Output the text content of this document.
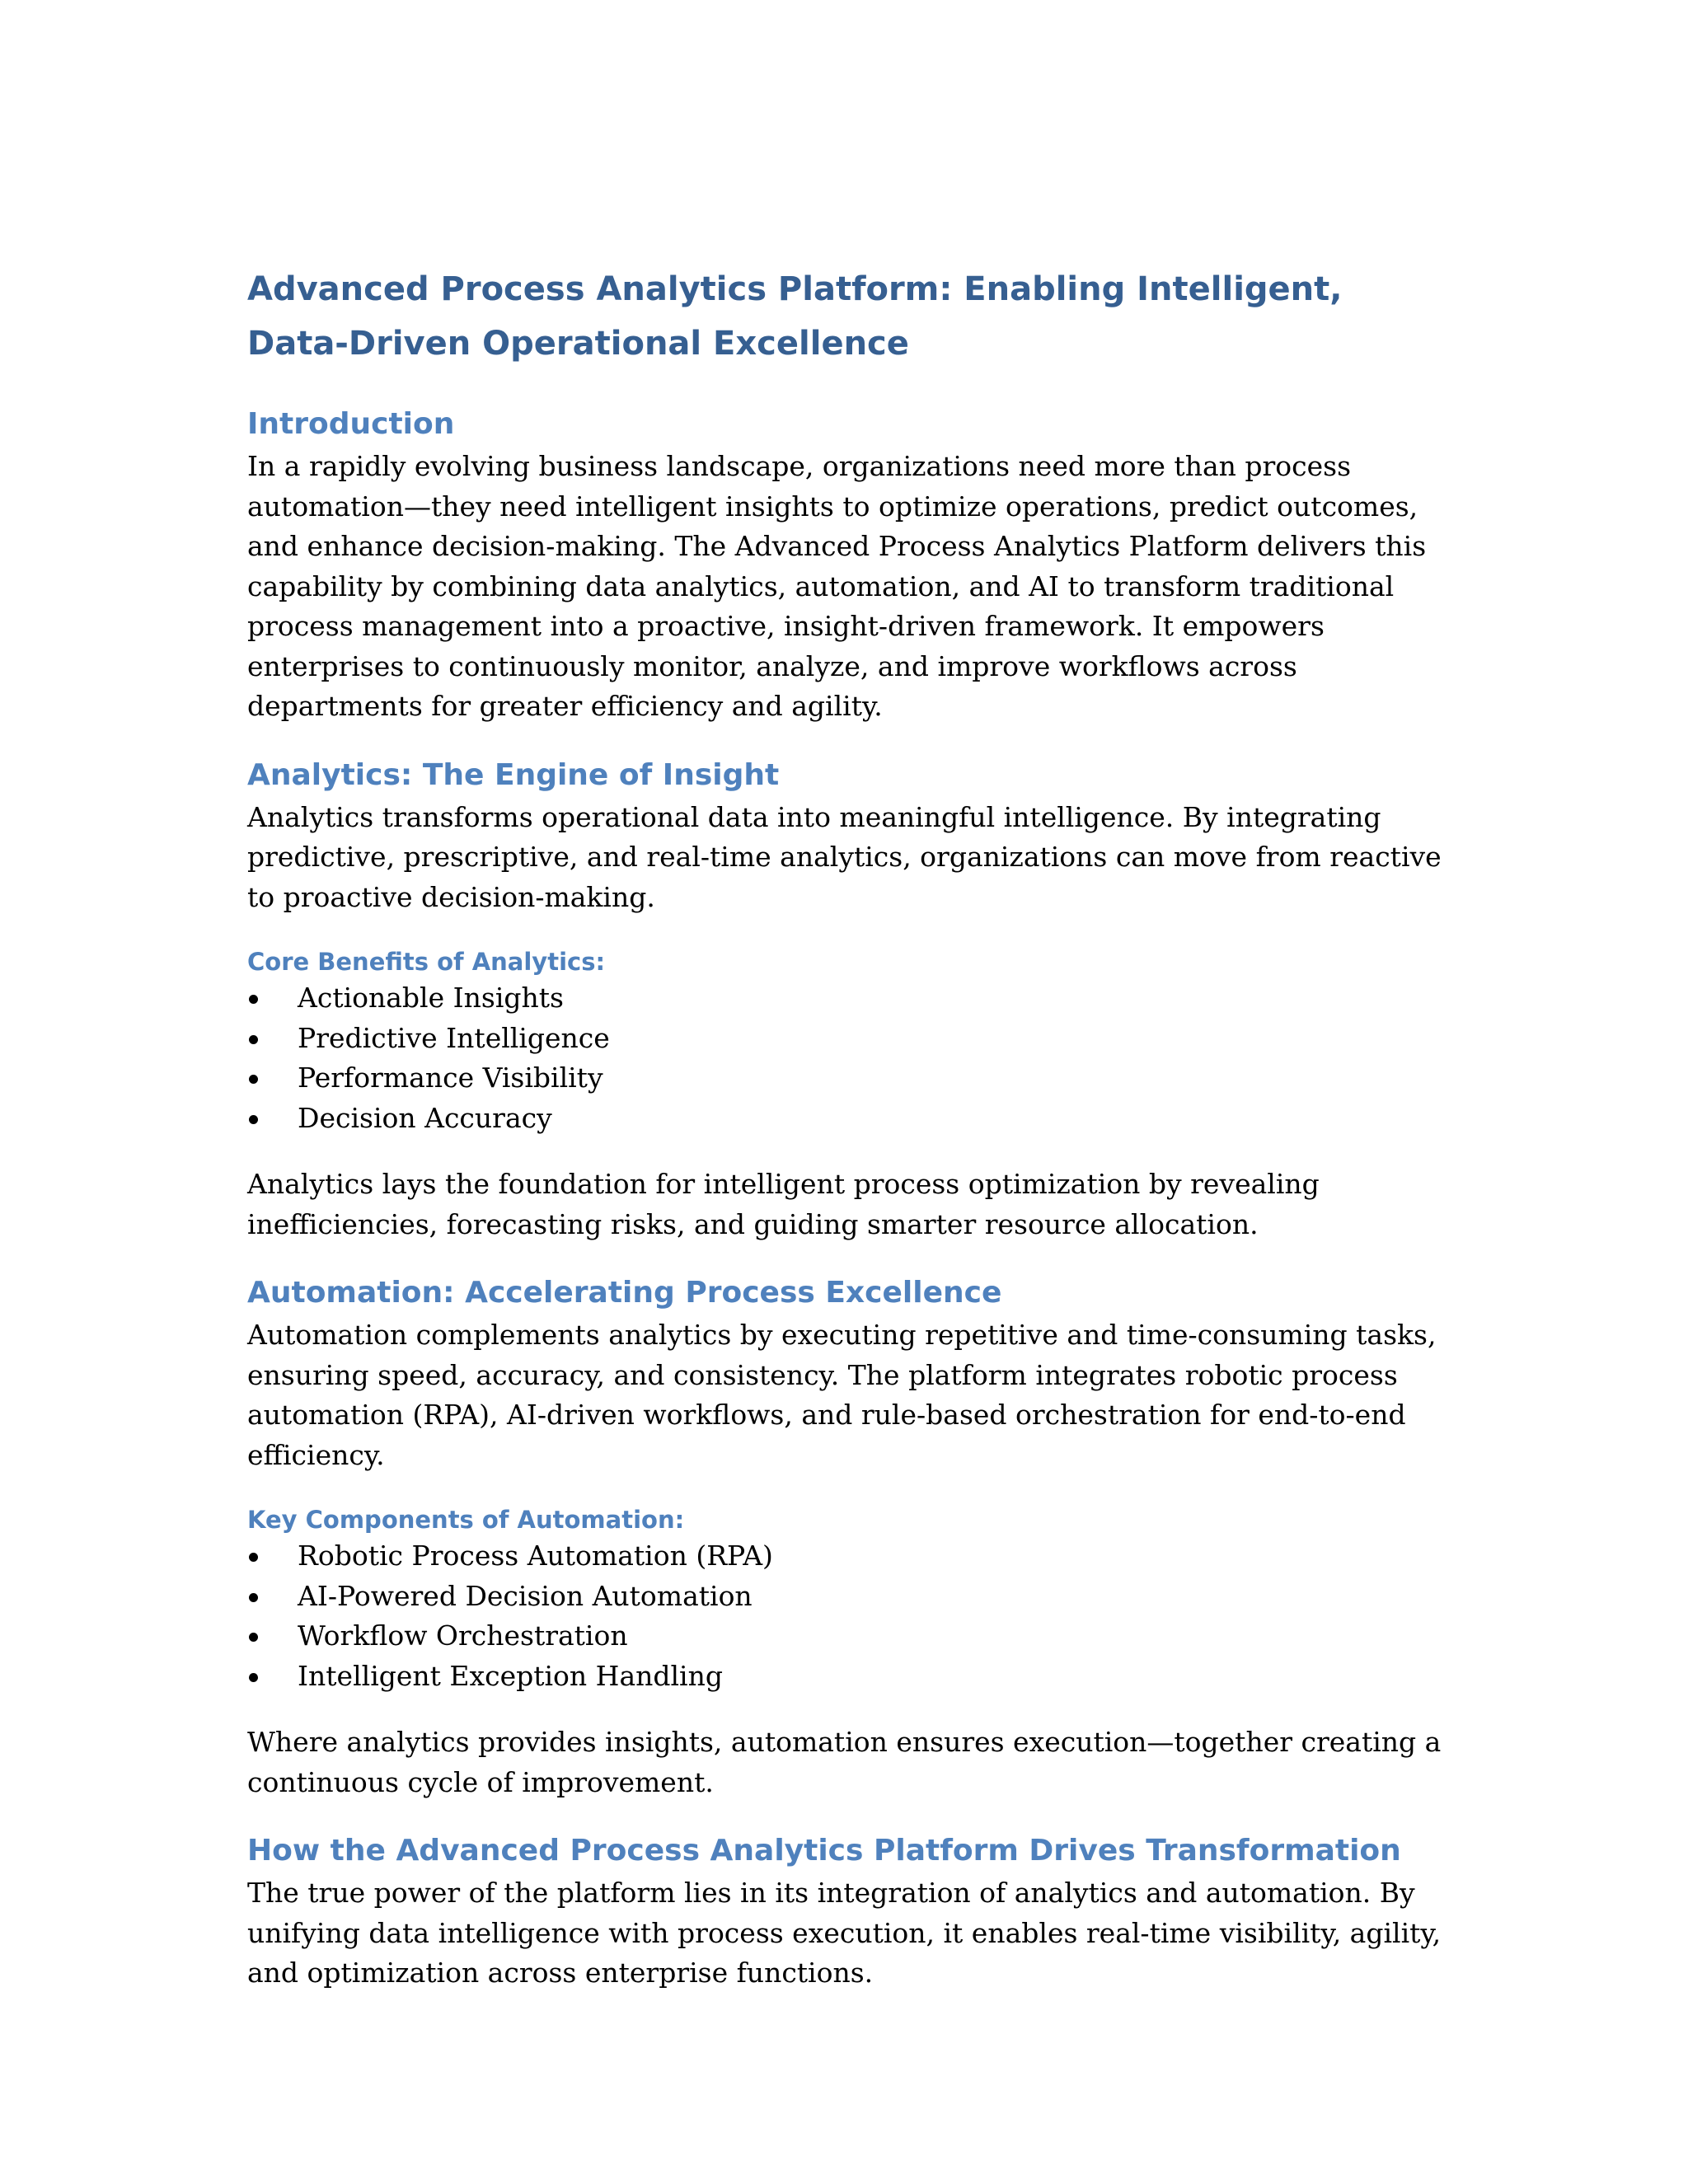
Advanced Process Analytics Platform: Enabling Intelligent, Data-Driven Operational Excellence
Introduction

In a rapidly evolving business landscape, organizations need more than process automation—they need intelligent insights to optimize operations, predict outcomes, and enhance decision-making. The Advanced Process Analytics Platform delivers this capability by combining data analytics, automation, and AI to transform traditional process management into a proactive, insight-driven framework. It empowers enterprises to continuously monitor, analyze, and improve workflows across departments for greater efficiency and agility.

Analytics: The Engine of Insight

Analytics transforms operational data into meaningful intelligence. By integrating predictive, prescriptive, and real-time analytics, organizations can move from reactive to proactive decision-making.

Core Benefits of Analytics:
Actionable Insights
Predictive Intelligence
Performance Visibility
Decision Accuracy

Analytics lays the foundation for intelligent process optimization by revealing inefficiencies, forecasting risks, and guiding smarter resource allocation.

Automation: Accelerating Process Excellence

Automation complements analytics by executing repetitive and time-consuming tasks, ensuring speed, accuracy, and consistency. The platform integrates robotic process automation (RPA), AI-driven workflows, and rule-based orchestration for end-to-end efficiency.

Key Components of Automation:
Robotic Process Automation (RPA)
AI-Powered Decision Automation
Workflow Orchestration
Intelligent Exception Handling

Where analytics provides insights, automation ensures execution—together creating a continuous cycle of improvement.

How the Advanced Process Analytics Platform Drives Transformation

The true power of the platform lies in its integration of analytics and automation. By unifying data intelligence with process execution, it enables real-time visibility, agility, and optimization across enterprise functions.
